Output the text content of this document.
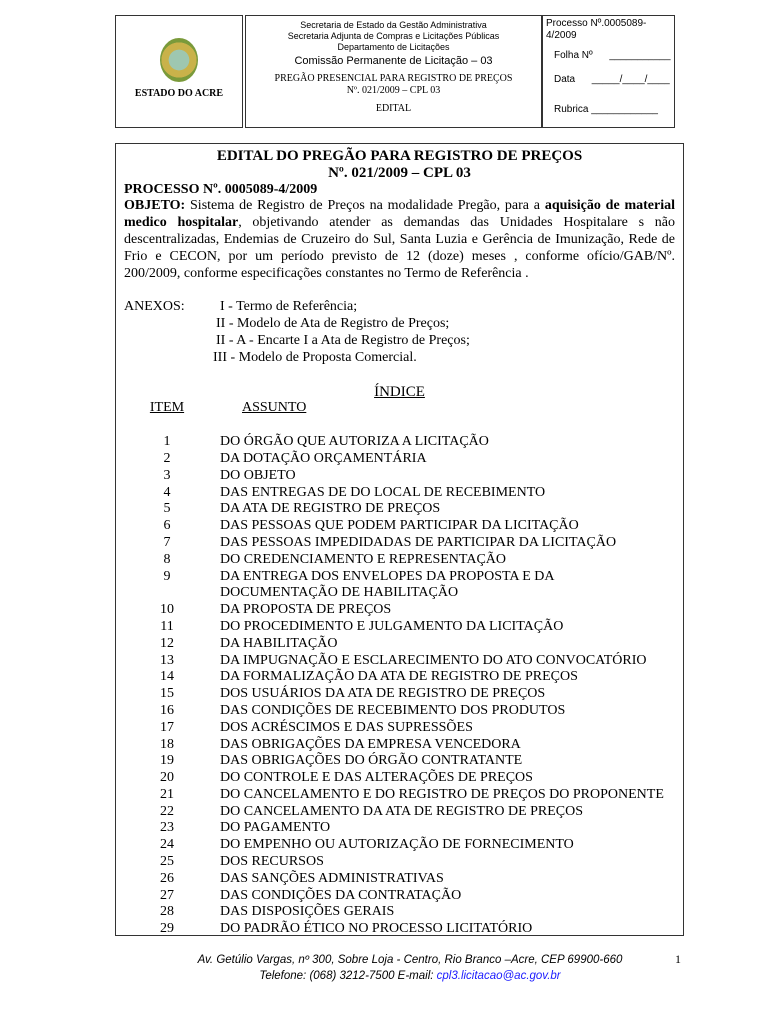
ESTADO DO ACRE
Secretaria de Estado da Gestão Administrativa
Secretaria Adjunta de Compras e Licitações Públicas
Departamento de Licitações
Comissão Permanente de Licitação – 03
PREGÃO PRESENCIAL PARA REGISTRO DE PREÇOS
Nº. 021/2009 – CPL 03
EDITAL
Processo Nº.0005089-4/2009
Folha Nº ___________
Data _____/____/____
Rubrica ____________
EDITAL DO PREGÃO PARA REGISTRO DE PREÇOS
Nº. 021/2009 – CPL 03
PROCESSO Nº. 0005089-4/2009
OBJETO: Sistema de Registro de Preços na modalidade Pregão, para a aquisição de material medico hospitalar, objetivando atender as demandas das Unidades Hospitalare s não descentralizadas, Endemias de Cruzeiro do Sul, Santa Luzia e Gerência de Imunização, Rede de Frio e CECON, por um período previsto de 12 (doze) meses , conforme ofício/GAB/Nº. 200/2009, conforme especificações constantes no Termo de Referência .
ANEXOS:	I - Termo de Referência;
II - Modelo de Ata de Registro de Preços;
II - A - Encarte I a Ata de Registro de Preços;
III - Modelo de Proposta Comercial.
ÍNDICE
ITEM	ASSUNTO
1	DO ÓRGÃO QUE AUTORIZA A LICITAÇÃO
2	DA DOTAÇÃO ORÇAMENTÁRIA
3	DO OBJETO
4	DAS ENTREGAS DE DO LOCAL DE RECEBIMENTO
5	DA ATA DE REGISTRO DE PREÇOS
6	DAS PESSOAS QUE PODEM PARTICIPAR DA LICITAÇÃO
7	DAS PESSOAS IMPEDIDADAS DE PARTICIPAR DA LICITAÇÃO
8	DO CREDENCIAMENTO E REPRESENTAÇÃO
9	DA ENTREGA DOS ENVELOPES DA PROPOSTA E DA DOCUMENTAÇÃO DE HABILITAÇÃO
10	DA PROPOSTA DE PREÇOS
11	DO PROCEDIMENTO E JULGAMENTO DA LICITAÇÃO
12	DA HABILITAÇÃO
13	DA IMPUGNAÇÃO E ESCLARECIMENTO DO ATO CONVOCATÓRIO
14	DA FORMALIZAÇÃO DA ATA DE REGISTRO DE PREÇOS
15	DOS USUÁRIOS DA ATA DE REGISTRO DE PREÇOS
16	DAS CONDIÇÕES DE RECEBIMENTO DOS PRODUTOS
17	DOS ACRÉSCIMOS E DAS SUPRESSÕES
18	DAS OBRIGAÇÕES DA EMPRESA VENCEDORA
19	DAS OBRIGAÇÕES DO ÓRGÃO CONTRATANTE
20	DO CONTROLE E DAS ALTERAÇÕES DE PREÇOS
21	DO CANCELAMENTO E DO REGISTRO DE PREÇOS DO PROPONENTE
22	DO CANCELAMENTO DA ATA DE REGISTRO DE PREÇOS
23	DO PAGAMENTO
24	DO EMPENHO OU AUTORIZAÇÃO DE FORNECIMENTO
25	DOS RECURSOS
26	DAS SANÇÕES ADMINISTRATIVAS
27	DAS CONDIÇÕES DA CONTRATAÇÃO
28	DAS DISPOSIÇÕES GERAIS
29	DO PADRÃO ÉTICO NO PROCESSO LICITATÓRIO
Av. Getúlio Vargas, nº 300, Sobre Loja - Centro, Rio Branco –Acre, CEP 69900-660
Telefone: (068) 3212-7500 E-mail: cpl3.licitacao@ac.gov.br
1
